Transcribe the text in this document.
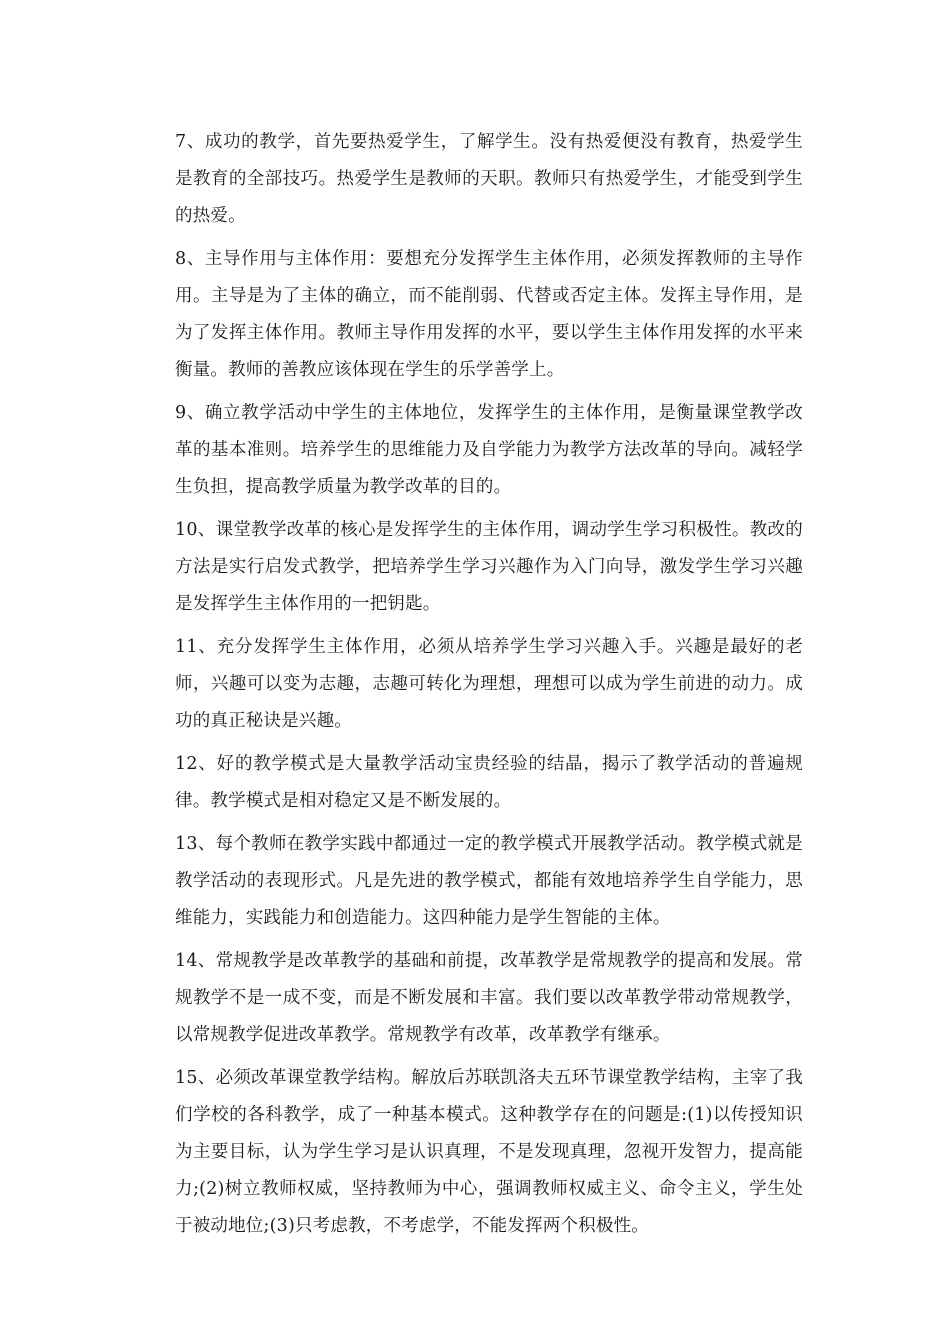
7、成功的教学，首先要热爱学生，了解学生。没有热爱便没有教育，热爱学生是教育的全部技巧。热爱学生是教师的天职。教师只有热爱学生，才能受到学生的热爱。

8、主导作用与主体作用：要想充分发挥学生主体作用，必须发挥教师的主导作用。主导是为了主体的确立，而不能削弱、代替或否定主体。发挥主导作用，是为了发挥主体作用。教师主导作用发挥的水平，要以学生主体作用发挥的水平来衡量。教师的善教应该体现在学生的乐学善学上。

9、确立教学活动中学生的主体地位，发挥学生的主体作用，是衡量课堂教学改革的基本准则。培养学生的思维能力及自学能力为教学方法改革的导向。减轻学生负担，提高教学质量为教学改革的目的。

10、课堂教学改革的核心是发挥学生的主体作用，调动学生学习积极性。教改的方法是实行启发式教学，把培养学生学习兴趣作为入门向导，激发学生学习兴趣是发挥学生主体作用的一把钥匙。

11、充分发挥学生主体作用，必须从培养学生学习兴趣入手。兴趣是最好的老师，兴趣可以变为志趣，志趣可转化为理想，理想可以成为学生前进的动力。成功的真正秘诀是兴趣。

12、好的教学模式是大量教学活动宝贵经验的结晶，揭示了教学活动的普遍规律。教学模式是相对稳定又是不断发展的。

13、每个教师在教学实践中都通过一定的教学模式开展教学活动。教学模式就是教学活动的表现形式。凡是先进的教学模式，都能有效地培养学生自学能力，思维能力，实践能力和创造能力。这四种能力是学生智能的主体。

14、常规教学是改革教学的基础和前提，改革教学是常规教学的提高和发展。常规教学不是一成不变，而是不断发展和丰富。我们要以改革教学带动常规教学，以常规教学促进改革教学。常规教学有改革，改革教学有继承。

15、必须改革课堂教学结构。解放后苏联凯洛夫五环节课堂教学结构，主宰了我们学校的各科教学，成了一种基本模式。这种教学存在的问题是:(1)以传授知识为主要目标，认为学生学习是认识真理，不是发现真理，忽视开发智力，提高能力;(2)树立教师权威，坚持教师为中心，强调教师权威主义、命令主义，学生处于被动地位;(3)只考虑教，不考虑学，不能发挥两个积极性。
